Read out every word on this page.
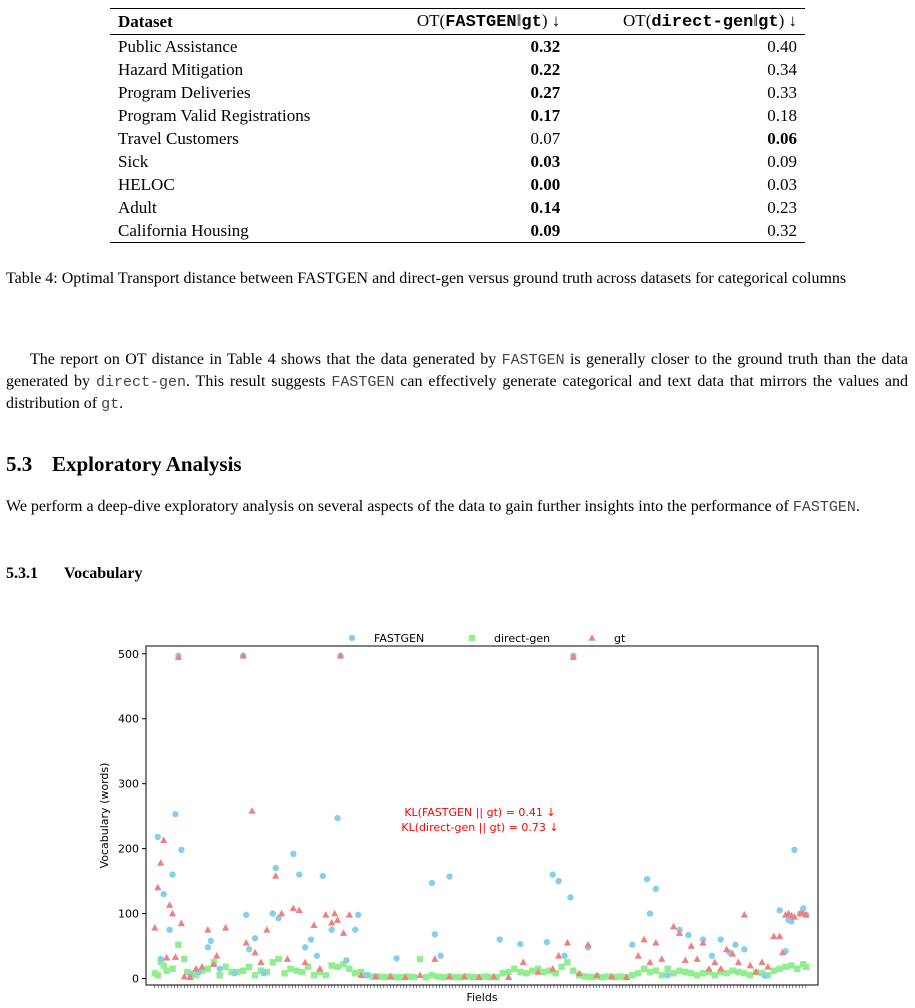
Dataset	OT(FASTGEN‖gt) ↓	OT(direct-gen‖gt) ↓
Public Assistance	0.32	0.40
Hazard Mitigation	0.22	0.34
Program Deliveries	0.27	0.33
Program Valid Registrations	0.17	0.18
Travel Customers	0.07	0.06
Sick	0.03	0.09
HELOC	0.00	0.03
Adult	0.14	0.23
California Housing	0.09	0.32
Table 4: Optimal Transport distance between FASTGEN and direct-gen versus ground truth across datasets for categorical columns
The report on OT distance in Table 4 shows that the data generated by FASTGEN is generally closer to the ground truth than the data generated by direct-gen. This result suggests FASTGEN can effectively generate categorical and text data that mirrors the values and distribution of gt.
5.3 Exploratory Analysis
We perform a deep-dive exploratory analysis on several aspects of the data to gain further insights into the performance of FASTGEN.
5.3.1 Vocabulary
0
100
200
300
400
500
Fields
Vocabulary (words)
FASTGEN	direct-gen	gt
KL(FASTGEN || gt) = 0.41 ↓
KL(direct-gen || gt) = 0.73 ↓
